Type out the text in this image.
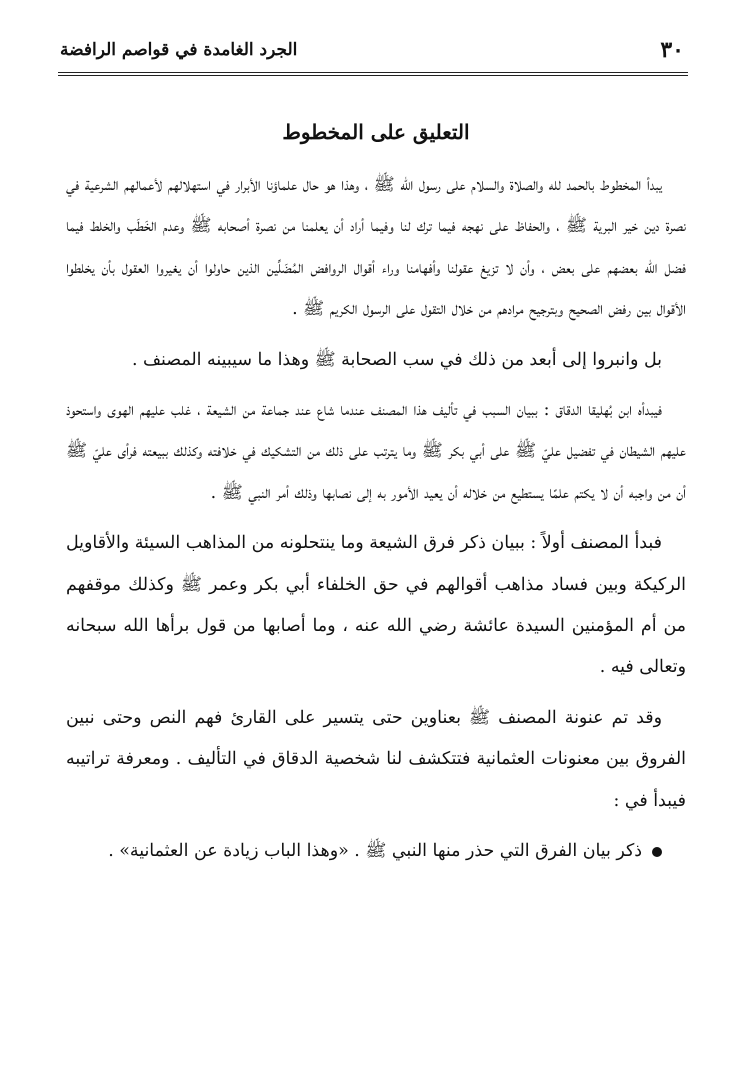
٣٠
الجرد الغامدة في قواصم الرافضة
التعليق على المخطوط

يبدأ المخطوط بالحمد لله والصلاة والسلام على رسول الله ﷺ ، وهذا هو حال علماؤنا الأبرار في استهلالهم لأعمالهم الشرعية في نصرة دين خير البرية ﷺ ، والحفاظ على نهجه فيما ترك لنا وفيما أراد أن يعلمنا من نصرة أصحابه ﷺ وعدم الخَطَب والخلط فيما فضل الله بعضهم على بعض ، وأن لا تزيغ عقولنا وأفهامنا وراء أقوال الروافض المُضَلِّين الذين حاولوا أن يغيروا العقول بأن يخلطوا الأقوال بين رفض الصحيح وبترجيح مرادهم من خلال التقول على الرسول الكريم ﷺ .

بل وانبروا إلى أبعد من ذلك في سب الصحابة ﷺ وهذا ما سيبينه المصنف .

فيبدأه ابن بُهليقا الدقاق : ببيان السبب في تأليف هذا المصنف عندما شاع عند جماعة من الشيعة ، غلب عليهم الهوى واستحوذ عليهم الشيطان في تفضيل عليّ ﷺ على أبي بكر ﷺ وما يترتب على ذلك من التشكيك في خلافته وكذلك ببيعته فرأى عليّ ﷺ أن من واجبه أن لا يكتم علمًا يستطيع من خلاله أن يعيد الأمور به إلى نصابها وذلك أمر النبي ﷺ .

فبدأ المصنف أولاً : ببيان ذكر فرق الشيعة وما ينتحلونه من المذاهب السيئة والأقاويل الركيكة وبين فساد مذاهب أقوالهم في حق الخلفاء أبي بكر وعمر ﷺ وكذلك موقفهم من أم المؤمنين السيدة عائشة رضي الله عنه ، وما أصابها من قول برأها الله سبحانه وتعالى فيه .

وقد تم عنونة المصنف ﷺ بعناوين حتى يتسير على القارئ فهم النص وحتى نبين الفروق بين معنونات العثمانية فتتكشف لنا شخصية الدقاق في التأليف . ومعرفة تراتيبه فيبدأ في :

ذكر بيان الفرق التي حذر منها النبي ﷺ . «وهذا الباب زيادة عن العثمانية» .
